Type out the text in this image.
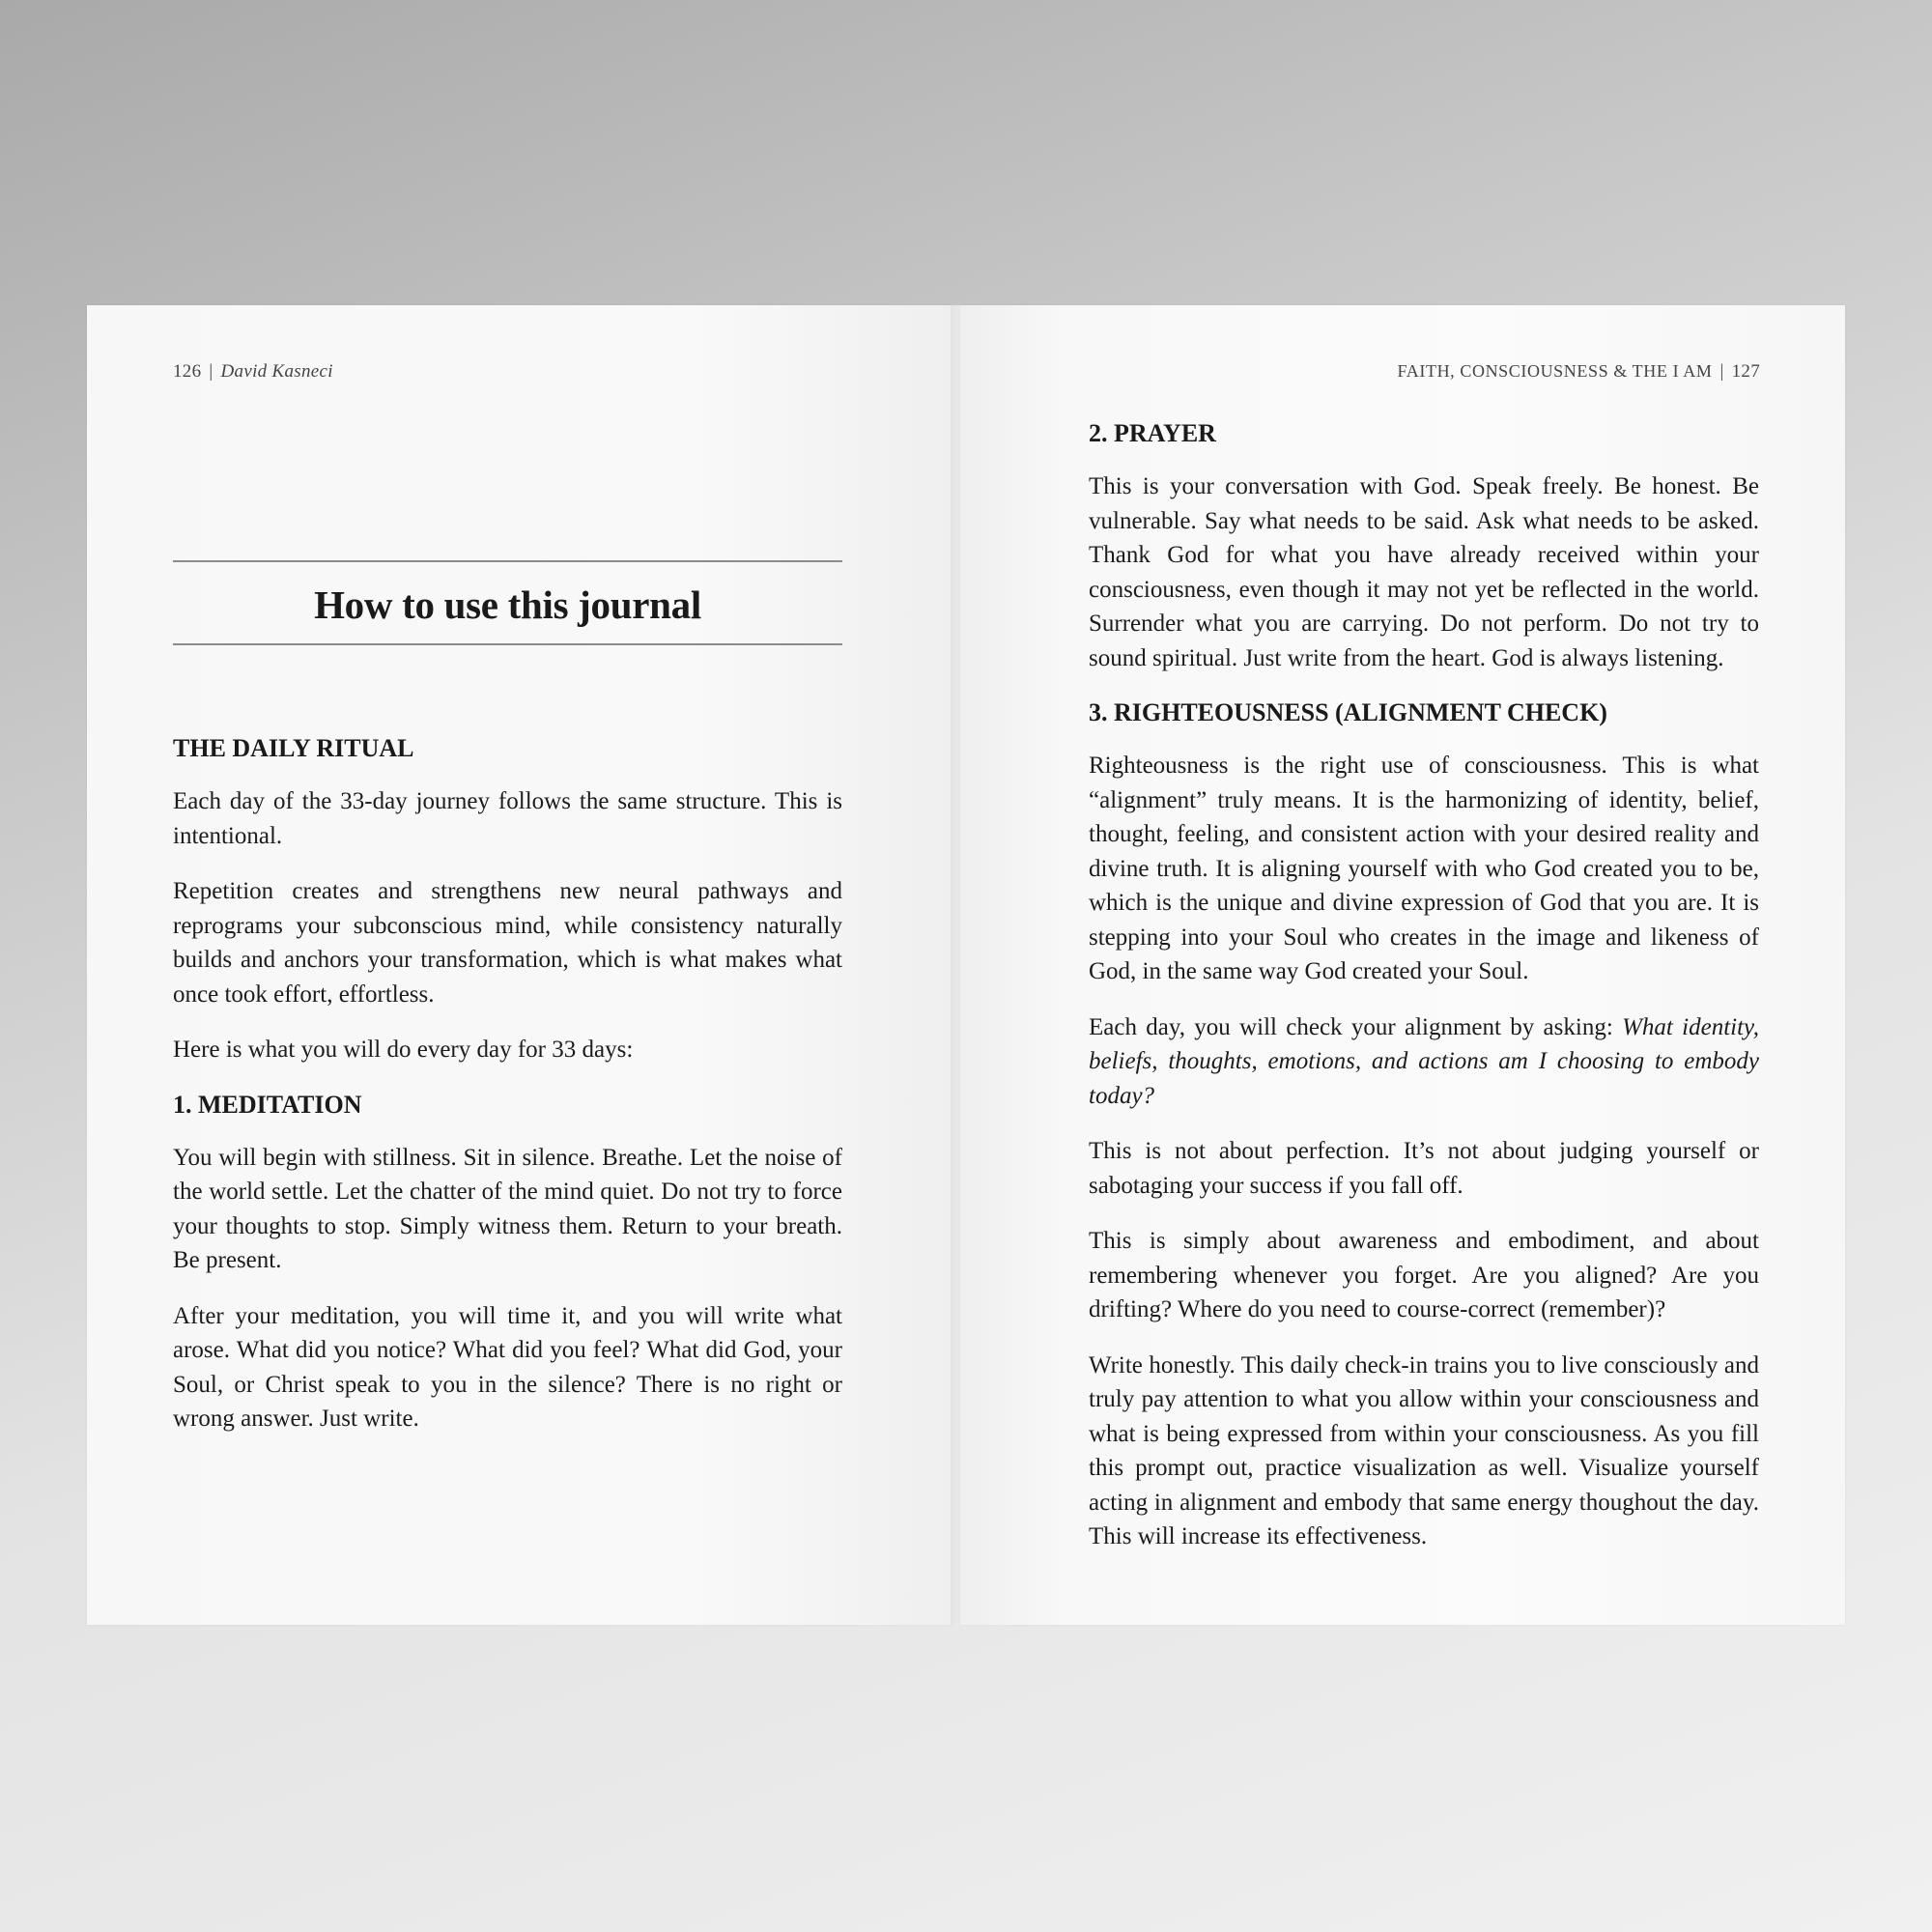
126 | David Kasneci
How to use this journal
THE DAILY RITUAL

Each day of the 33-day journey follows the same structure. This is intentional.

Repetition creates and strengthens new neural pathways and reprograms your subconscious mind, while consistency naturally builds and anchors your transformation, which is what makes what once took effort, effortless.

Here is what you will do every day for 33 days:

1. MEDITATION

You will begin with stillness. Sit in silence. Breathe. Let the noise of the world settle. Let the chatter of the mind quiet. Do not try to force your thoughts to stop. Simply witness them. Return to your breath. Be present.

After your meditation, you will time it, and you will write what arose. What did you notice? What did you feel? What did God, your Soul, or Christ speak to you in the silence? There is no right or wrong answer. Just write.

FAITH, CONSCIOUSNESS & THE I AM | 127
2. PRAYER

This is your conversation with God. Speak freely. Be honest. Be vulnerable. Say what needs to be said. Ask what needs to be asked. Thank God for what you have already received within your consciousness, even though it may not yet be reflected in the world. Surrender what you are carrying. Do not perform. Do not try to sound spiritual. Just write from the heart. God is always listening.

3. RIGHTEOUSNESS (ALIGNMENT CHECK)

Righteousness is the right use of consciousness. This is what “alignment” truly means. It is the harmonizing of identity, belief, thought, feeling, and consistent action with your desired reality and divine truth. It is aligning yourself with who God created you to be, which is the unique and divine expression of God that you are. It is stepping into your Soul who creates in the image and likeness of God, in the same way God created your Soul.

Each day, you will check your alignment by asking: What identity, beliefs, thoughts, emotions, and actions am I choosing to embody today?

This is not about perfection. It’s not about judging yourself or sabotaging your success if you fall off.

This is simply about awareness and embodiment, and about remembering whenever you forget. Are you aligned? Are you drifting? Where do you need to course-correct (remember)?

Write honestly. This daily check-in trains you to live consciously and truly pay attention to what you allow within your consciousness and what is being expressed from within your consciousness. As you fill this prompt out, practice visualization as well. Visualize yourself acting in alignment and embody that same energy thoughout the day. This will increase its effectiveness.
